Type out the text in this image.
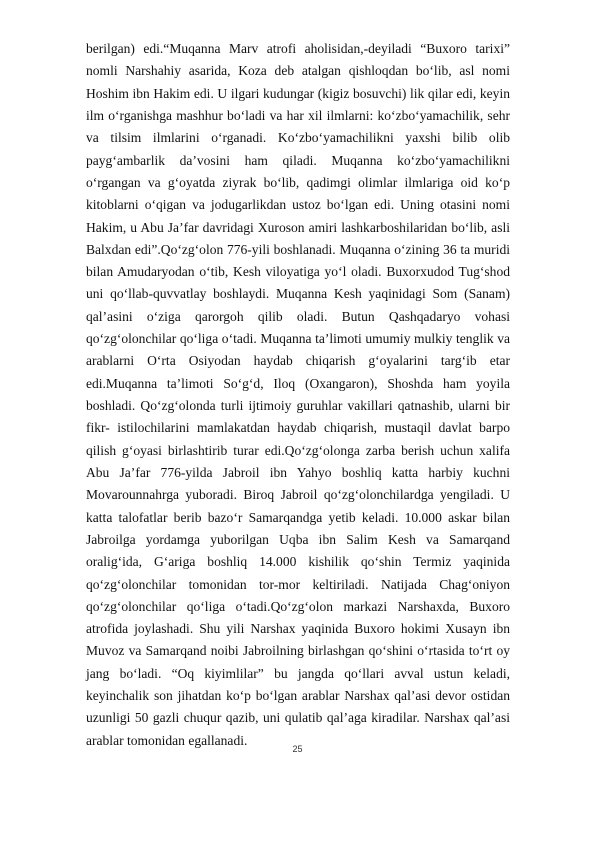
berilgan) edi.“Muqanna Marv atrofi aholisidan,-deyiladi “Buxoro tarixi” nomli Narshahiy asarida, Koza deb atalgan qishloqdan bo‘lib, asl nomi Hoshim ibn Hakim edi. U ilgari kudungar (kigiz bosuvchi) lik qilar edi, keyin ilm o‘rganishga mashhur bo‘ladi va har xil ilmlarni: ko‘zbo‘yamachilik, sehr va tilsim ilmlarini o‘rganadi. Ko‘zbo‘yamachilikni yaxshi bilib olib payg‘ambarlik da’vosini ham qiladi. Muqanna ko‘zbo‘yamachilikni o‘rgangan va g‘oyatda ziyrak bo‘lib, qadimgi olimlar ilmlariga oid ko‘p kitoblarni o‘qigan va jodugarlikdan ustoz bo‘lgan edi. Uning otasini nomi Hakim, u Abu Ja’far davridagi Xuroson amiri lashkarboshilaridan bo‘lib, asli Balxdan edi”.Qo‘zg‘olon 776-yili boshlanadi. Muqanna o‘zining 36 ta muridi bilan Amudaryodan o‘tib, Kesh viloyatiga yo‘l oladi. Buxorxudod Tug‘shod uni qo‘llab-quvvatlay boshlaydi. Muqanna Kesh yaqinidagi Som (Sanam) qal’asini o‘ziga qarorgoh qilib oladi. Butun Qashqadaryo vohasi qo‘zg‘olonchilar qo‘liga o‘tadi. Muqanna ta’limoti umumiy mulkiy tenglik va arablarni O‘rta Osiyodan haydab chiqarish g‘oyalarini targ‘ib etar edi.Muqanna ta’limoti So‘g‘d, Iloq (Oxangaron), Shoshda ham yoyila boshladi. Qo‘zg‘olonda turli ijtimoiy guruhlar vakillari qatnashib, ularni bir fikr- istilochilarini mamlakatdan haydab chiqarish, mustaqil davlat barpo qilish g‘oyasi birlashtirib turar edi.Qo‘zg‘olonga zarba berish uchun xalifa Abu Ja’far 776-yilda Jabroil ibn Yahyo boshliq katta harbiy kuchni Movarounnahrga yuboradi. Biroq Jabroil qo‘zg‘olonchilardga yengiladi. U katta talofatlar berib bazo‘r Samarqandga yetib keladi. 10.000 askar bilan Jabroilga yordamga yuborilgan Uqba ibn Salim Kesh va Samarqand oralig‘ida, G‘ariga boshliq 14.000 kishilik qo‘shin Termiz yaqinida qo‘zg‘olonchilar tomonidan tor-mor keltiriladi. Natijada Chag‘oniyon qo‘zg‘olonchilar qo‘liga o‘tadi.Qo‘zg‘olon markazi Narshaxda, Buxoro atrofida joylashadi. Shu yili Narshax yaqinida Buxoro hokimi Xusayn ibn Muvoz va Samarqand noibi Jabroilning birlashgan qo‘shini o‘rtasida to‘rt oy jang bo‘ladi. “Oq kiyimlilar” bu jangda qo‘llari avval ustun keladi, keyinchalik son jihatdan ko‘p bo‘lgan arablar Narshax qal’asi devor ostidan uzunligi 50 gazli chuqur qazib, uni qulatib qal’aga kiradilar. Narshax qal’asi arablar tomonidan egallanadi.

25
